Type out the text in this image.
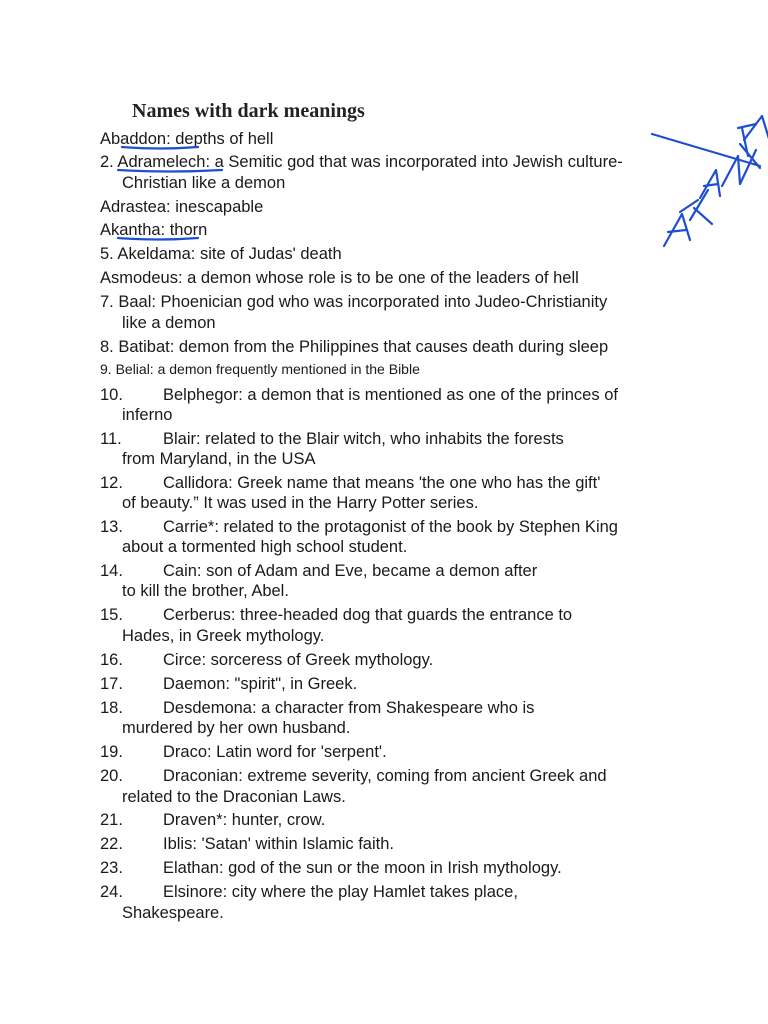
Names with dark meanings
Abaddon: depths of hell
2. Adramelech: a Semitic god that was incorporated into Jewish culture-
Christian like a demon
Adrastea: inescapable
Akantha: thorn
5. Akeldama: site of Judas' death
Asmodeus: a demon whose role is to be one of the leaders of hell
7. Baal: Phoenician god who was incorporated into Judeo-Christianity
like a demon
8. Batibat: demon from the Philippines that causes death during sleep
9. Belial: a demon frequently mentioned in the Bible
10. Belphegor: a demon that is mentioned as one of the princes of
inferno
11.	Blair: related to the Blair witch, who inhabits the forests
from Maryland, in the USA
12. Callidora: Greek name that means 'the one who has the gift'
of beauty.” It was used in the Harry Potter series.
13. Carrie*: related to the protagonist of the book by Stephen King
about a tormented high school student.
14. Cain: son of Adam and Eve, became a demon after
to kill the brother, Abel.
15. Cerberus: three-headed dog that guards the entrance to
Hades, in Greek mythology.
16. Circe: sorceress of Greek mythology.
17. Daemon: "spirit", in Greek.
18. Desdemona: a character from Shakespeare who is
murdered by her own husband.
19. Draco: Latin word for 'serpent'.
20. Draconian: extreme severity, coming from ancient Greek and
related to the Draconian Laws.
21. Draven*: hunter, crow.
22. Iblis: 'Satan' within Islamic faith.
23. Elathan: god of the sun or the moon in Irish mythology.
24. Elsinore: city where the play Hamlet takes place,
Shakespeare.
